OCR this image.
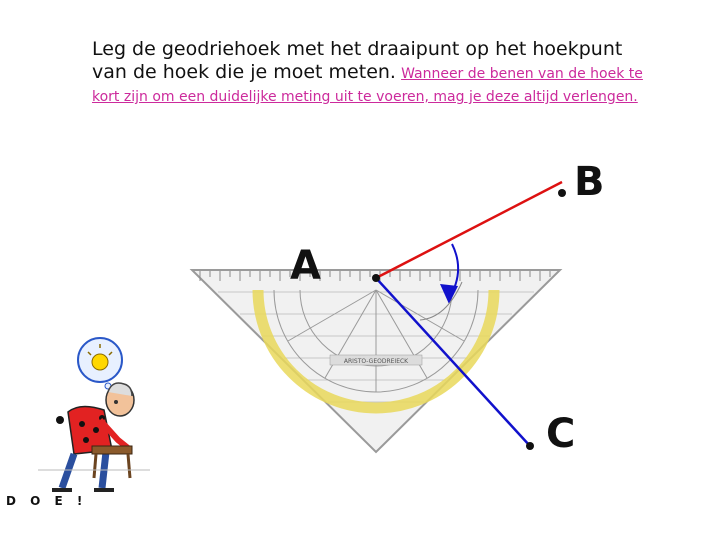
Leg de geodriehoek met het draaipunt op het hoekpunt van de hoek die je moet meten. Wanneer de benen van de hoek te kort zijn om een duidelijke meting uit te voeren, mag je deze altijd verlengen.
ARISTO-GEODREIECK
A
B
C
D O E !
